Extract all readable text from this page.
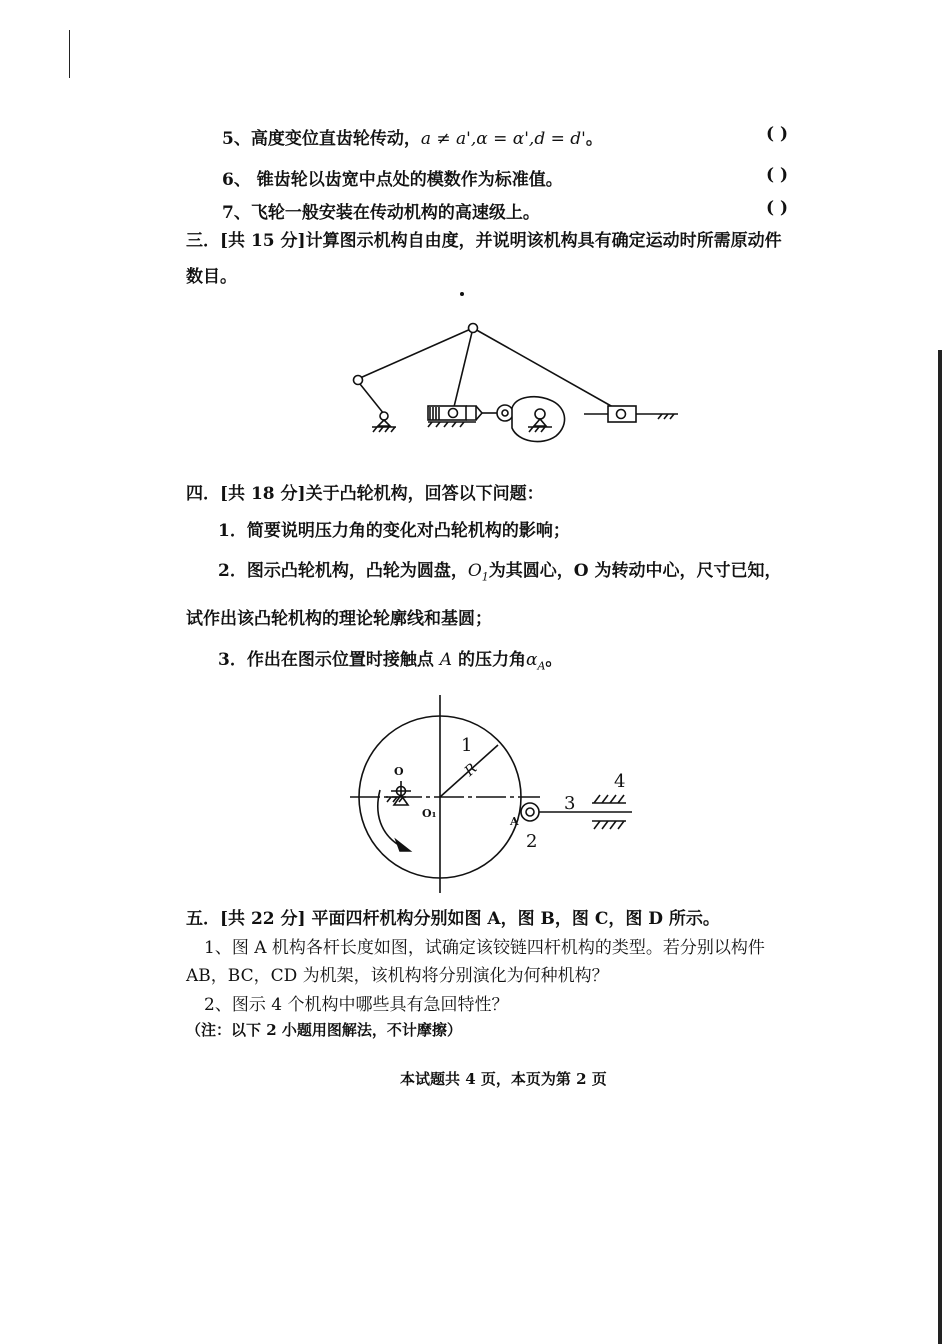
5、高度变位直齿轮传动，a ≠ a',α = α',d = d'。	( )
6、 锥齿轮以齿宽中点处的模数作为标准值。	( )
7、飞轮一般安装在传动机构的高速级上。	( )
三．[共 15 分]计算图示机构自由度，并说明该机构具有确定运动时所需原动件
数目。
四．[共 18 分]关于凸轮机构，回答以下问题：
1．简要说明压力角的变化对凸轮机构的影响；
2．图示凸轮机构，凸轮为圆盘，$O_1$为其圆心，O 为转动中心，尺寸已知，
试作出该凸轮机构的理论轮廓线和基圆；
3．作出在图示位置时接触点 A 的压力角$\alpha_A$。
1
R
O
O₁
A
2
3
4
五．[共 22 分] 平面四杆机构分别如图 A，图 B，图 C，图 D 所示。
1、图 A 机构各杆长度如图，试确定该铰链四杆机构的类型。若分别以构件
AB，BC，CD 为机架，该机构将分别演化为何种机构？
2、图示 4 个机构中哪些具有急回特性？
（注：以下 2 小题用图解法，不计摩擦）
本试题共 4 页，本页为第 2 页
